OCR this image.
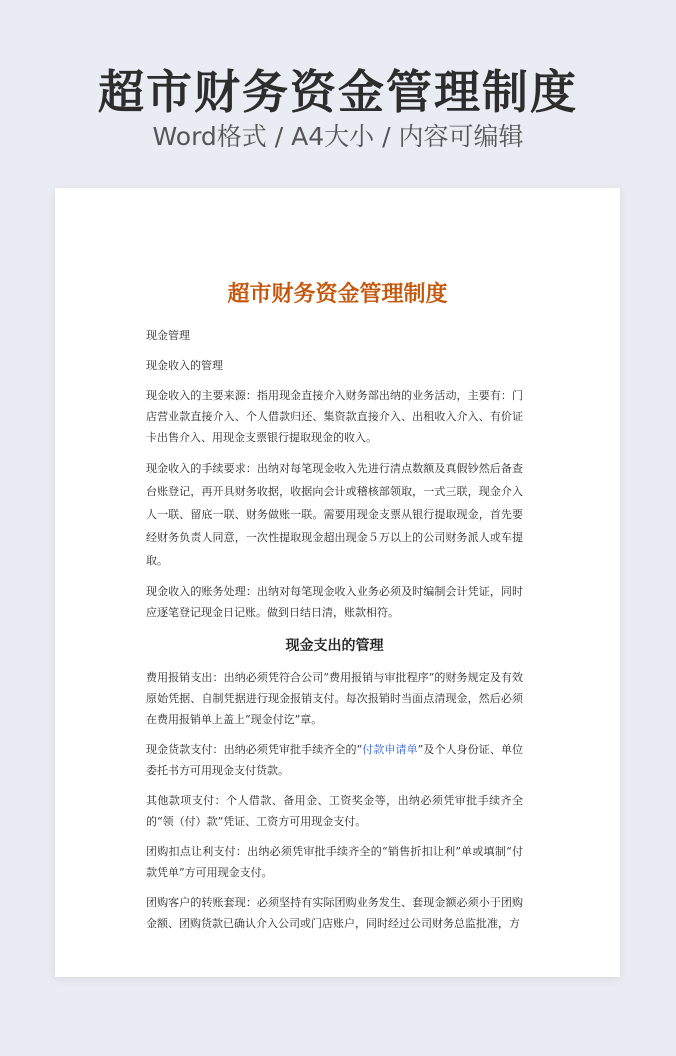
超市财务资金管理制度
Word格式 / A4大小 / 内容可编辑
超市财务资金管理制度

现金管理

现金收入的管理

现金收入的主要来源：指用现金直接介入财务部出纳的业务活动，主要有：门店营业款直接介入、个人借款归还、集资款直接介入、出租收入介入、有价证卡出售介入、用现金支票银行提取现金的收入。

现金收入的手续要求：出纳对每笔现金收入先进行清点数额及真假钞然后备查台账登记，再开具财务收据，收据向会计或稽核部领取，一式三联，现金介入人一联、留底一联、财务做账一联。需要用现金支票从银行提取现金，首先要经财务负责人同意，一次性提取现金超出现金５万以上的公司财务派人或车提取。

现金收入的账务处理：出纳对每笔现金收入业务必须及时编制会计凭证，同时应逐笔登记现金日记账。做到日结日清，账款相符。

现金支出的管理

费用报销支出：出纳必须凭符合公司“费用报销与审批程序”的财务规定及有效原始凭据、自制凭据进行现金报销支付。每次报销时当面点清现金，然后必须在费用报销单上盖上“现金付讫”章。

现金货款支付：出纳必须凭审批手续齐全的“付款申请单”及个人身份证、单位委托书方可用现金支付货款。

其他款项支付：个人借款、备用金、工资奖金等，出纳必须凭审批手续齐全的“领（付）款”凭证、工资方可用现金支付。

团购扣点让利支付：出纳必须凭审批手续齐全的“销售折扣让利”单或填制“付款凭单”方可用现金支付。

团购客户的转账套现：必须坚持有实际团购业务发生、套现金额必须小于团购金额、团购货款已确认介入公司或门店账户，同时经过公司财务总监批准，方
